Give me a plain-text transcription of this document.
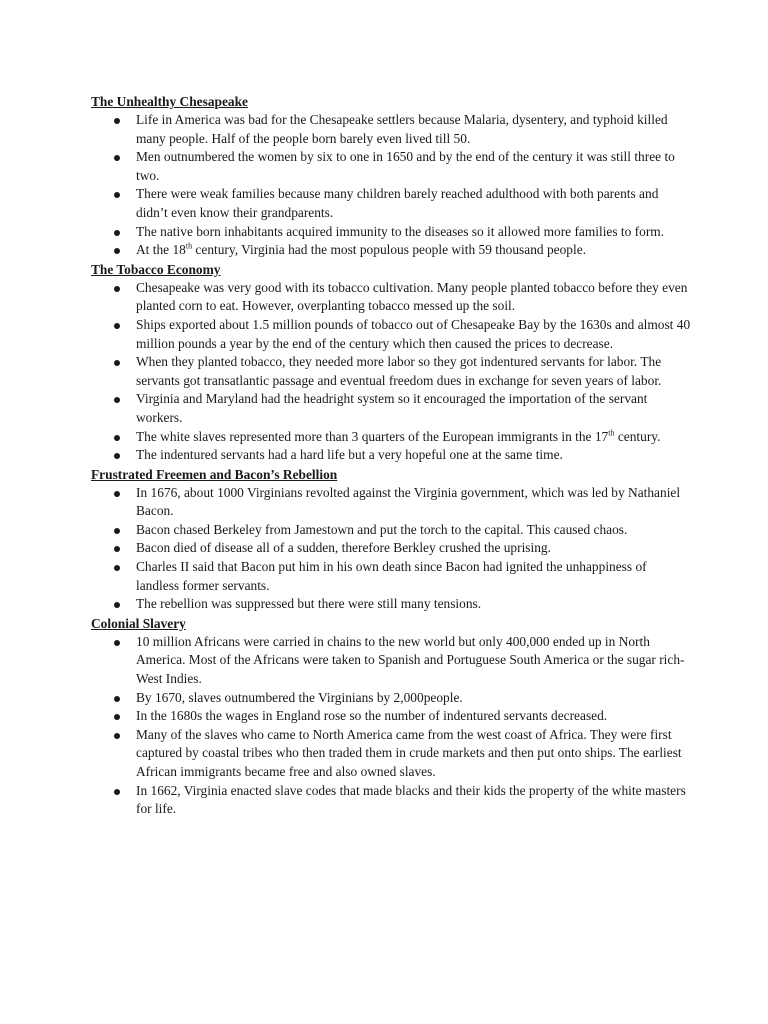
The Unhealthy Chesapeake
Life in America was bad for the Chesapeake settlers because Malaria, dysentery, and typhoid killed many people. Half of the people born barely even lived till 50.
Men outnumbered the women by six to one in 1650 and by the end of the century it was still three to two.
There were weak families because many children barely reached adulthood with both parents and didn’t even know their grandparents.
The native born inhabitants acquired immunity to the diseases so it allowed more families to form.
At the 18th century, Virginia had the most populous people with 59 thousand people.
The Tobacco Economy
Chesapeake was very good with its tobacco cultivation. Many people planted tobacco before they even planted corn to eat. However, overplanting tobacco messed up the soil.
Ships exported about 1.5 million pounds of tobacco out of Chesapeake Bay by the 1630s and almost 40 million pounds a year by the end of the century which then caused the prices to decrease.
When they planted tobacco, they needed more labor so they got indentured servants for labor. The servants got transatlantic passage and eventual freedom dues in exchange for seven years of labor.
Virginia and Maryland had the headright system so it encouraged the importation of the servant workers.
The white slaves represented more than 3 quarters of the European immigrants in the 17th century.
The indentured servants had a hard life but a very hopeful one at the same time.
Frustrated Freemen and Bacon’s Rebellion
In 1676, about 1000 Virginians revolted against the Virginia government, which was led by Nathaniel Bacon.
Bacon chased Berkeley from Jamestown and put the torch to the capital. This caused chaos.
Bacon died of disease all of a sudden, therefore Berkley crushed the uprising.
Charles II said that Bacon put him in his own death since Bacon had ignited the unhappiness of landless former servants.
The rebellion was suppressed but there were still many tensions.
Colonial Slavery
10 million Africans were carried in chains to the new world but only 400,000 ended up in North America. Most of the Africans were taken to Spanish and Portuguese South America or the sugar rich-West Indies.
By 1670, slaves outnumbered the Virginians by 2,000people.
In the 1680s the wages in England rose so the number of indentured servants decreased.
Many of the slaves who came to North America came from the west coast of Africa. They were first captured by coastal tribes who then traded them in crude markets and then put onto ships. The earliest African immigrants became free and also owned slaves.
In 1662, Virginia enacted slave codes that made blacks and their kids the property of the white masters for life.
